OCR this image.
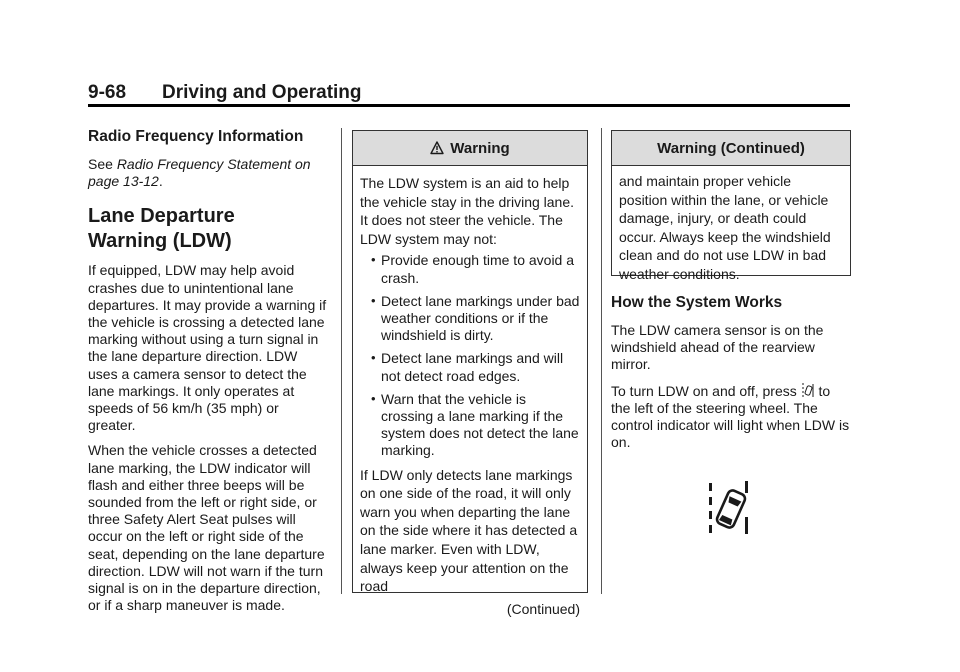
9-68 Driving and Operating
Radio Frequency Information

See Radio Frequency Statement on page 13-12.

Lane Departure
Warning (LDW)

If equipped, LDW may help avoid crashes due to unintentional lane departures. It may provide a warning if the vehicle is crossing a detected lane marking without using a turn signal in the lane departure direction. LDW uses a camera sensor to detect the lane markings. It only operates at speeds of 56 km/h (35 mph) or greater.

When the vehicle crosses a detected lane marking, the LDW indicator will flash and either three beeps will be sounded from the left or right side, or three Safety Alert Seat pulses will occur on the left or right side of the seat, depending on the lane departure direction. LDW will not warn if the turn signal is on in the departure direction, or if a sharp maneuver is made.

Warning

The LDW system is an aid to help the vehicle stay in the driving lane. It does not steer the vehicle. The LDW system may not:

• Provide enough time to avoid a crash.
• Detect lane markings under bad weather conditions or if the windshield is dirty.
• Detect lane markings and will not detect road edges.
• Warn that the vehicle is crossing a lane marking if the system does not detect the lane marking.

If LDW only detects lane markings on one side of the road, it will only warn you when departing the lane on the side where it has detected a lane marker. Even with LDW, always keep your attention on the road

(Continued)
Warning (Continued)
and maintain proper vehicle position within the lane, or vehicle damage, injury, or death could occur. Always keep the windshield clean and do not use LDW in bad weather conditions.
How the System Works

The LDW camera sensor is on the windshield ahead of the rearview mirror.

To turn LDW on and off, press  to the left of the steering wheel. The control indicator will light when LDW is on.
